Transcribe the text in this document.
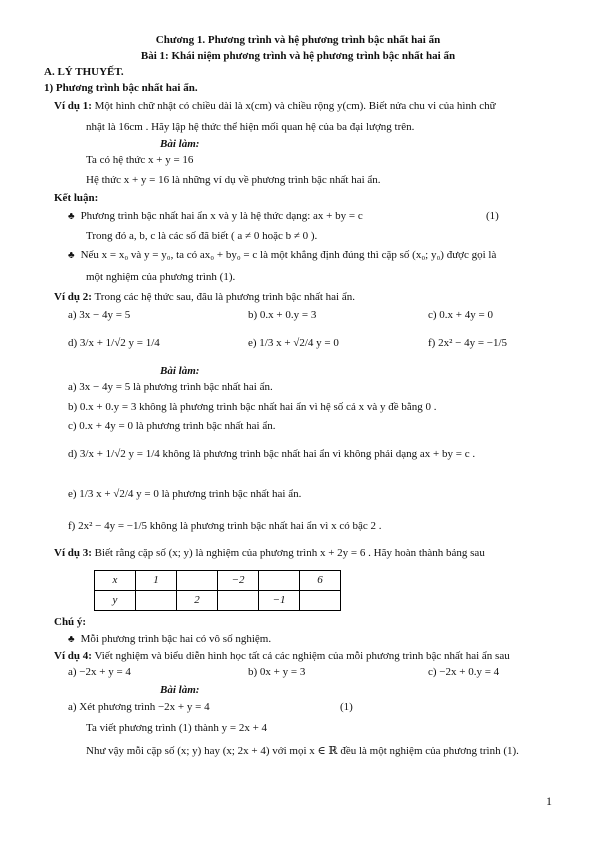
Chương 1. Phương trình và hệ phương trình bậc nhất hai ẩn
Bài 1: Khái niệm phương trình và hệ phương trình bậc nhất hai ẩn
A. LÝ THUYẾT.
1) Phương trình bậc nhất hai ẩn.
Ví dụ 1: Một hình chữ nhật có chiều dài là x(cm) và chiều rộng y(cm). Biết nửa chu vi của hình chữ
nhật là 16cm . Hãy lập hệ thức thể hiện mối quan hệ của ba đại lượng trên.
Bài làm:
Ta có hệ thức x + y = 16
Hệ thức x + y = 16 là những ví dụ về phương trình bậc nhất hai ẩn.
Kết luận:
♣ Phương trình bậc nhất hai ẩn x và y là hệ thức dạng: ax + by = c	(1)
Trong đó a, b, c là các số đã biết ( a ≠ 0 hoặc b ≠ 0 ).
♣ Nếu x = x₀ và y = y₀, ta có ax₀ + by₀ = c là một khẳng định đúng thì cặp số (x₀; y₀) được gọi là
một nghiệm của phương trình (1).
Ví dụ 2: Trong các hệ thức sau, đâu là phương trình bậc nhất hai ẩn.
a) 3x − 4y = 5	b) 0.x + 0.y = 3	c) 0.x + 4y = 0
d) 3/x + 1/√2 y = 1/4	e) 1/3 x + √2/4 y = 0	f) 2x² − 4y = −1/5
Bài làm:
a) 3x − 4y = 5 là phương trình bậc nhất hai ẩn.
b) 0.x + 0.y = 3 không là phương trình bậc nhất hai ẩn vì hệ số cả x và y đề bằng 0 .
c) 0.x + 4y = 0 là phương trình bậc nhất hai ẩn.
d) 3/x + 1/√2 y = 1/4 không là phương trình bậc nhất hai ẩn vì không phải dạng ax + by = c .
e) 1/3 x + √2/4 y = 0 là phương trình bậc nhất hai ẩn.
f) 2x² − 4y = −1/5 không là phương trình bậc nhất hai ẩn vì x có bậc 2 .
Ví dụ 3: Biết rằng cặp số (x; y) là nghiệm của phương trình x + 2y = 6 . Hãy hoàn thành bảng sau
x	1		−2		6
y		2		−1	
Chú ý:
♣ Mỗi phương trình bậc hai có vô số nghiệm.
Ví dụ 4: Viết nghiệm và biểu diễn hình học tất cả các nghiệm của mỗi phương trình bậc nhất hai ẩn sau
a) −2x + y = 4	b) 0x + y = 3	c) −2x + 0.y = 4
Bài làm:
a) Xét phương trình −2x + y = 4	(1)
Ta viết phương trình (1) thành y = 2x + 4
Như vậy mỗi cặp số (x; y) hay (x; 2x + 4) với mọi x ∈ ℝ đều là một nghiệm của phương trình (1).
1
